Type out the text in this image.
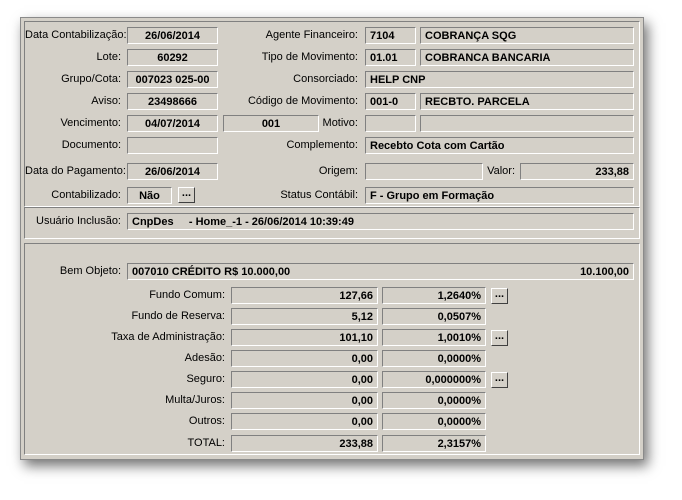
Data Contabilização:	26/06/2014
Lote:	60292
Grupo/Cota:	007023 025-00
Aviso:	23498666
Vencimento:	04/07/2014	001
Documento:
Data do Pagamento:	26/06/2014
Contabilizado:	Não	...
Agente Financeiro:	7104	COBRANÇA SQG
Tipo de Movimento:	01.01	COBRANCA BANCARIA
Consorciado:	HELP CNP
Código de Movimento:	001-0	RECBTO. PARCELA
Motivo:
Complemento:	Recebto Cota com Cartão
Origem:	Valor:	233,88
Status Contábil:	F - Grupo em Formação
Usuário Inclusão:	CnpDes - Home_-1 - 26/06/2014 10:39:49
Bem Objeto:	007010 CRÉDITO R$ 10.000,00	10.100,00
Fundo Comum:	127,66	1,2640%	...
Fundo de Reserva:	5,12	0,0507%
Taxa de Administração:	101,10	1,0010%	...
Adesão:	0,00	0,0000%
Seguro:	0,00	0,000000%	...
Multa/Juros:	0,00	0,0000%
Outros:	0,00	0,0000%
TOTAL:	233,88	2,3157%
